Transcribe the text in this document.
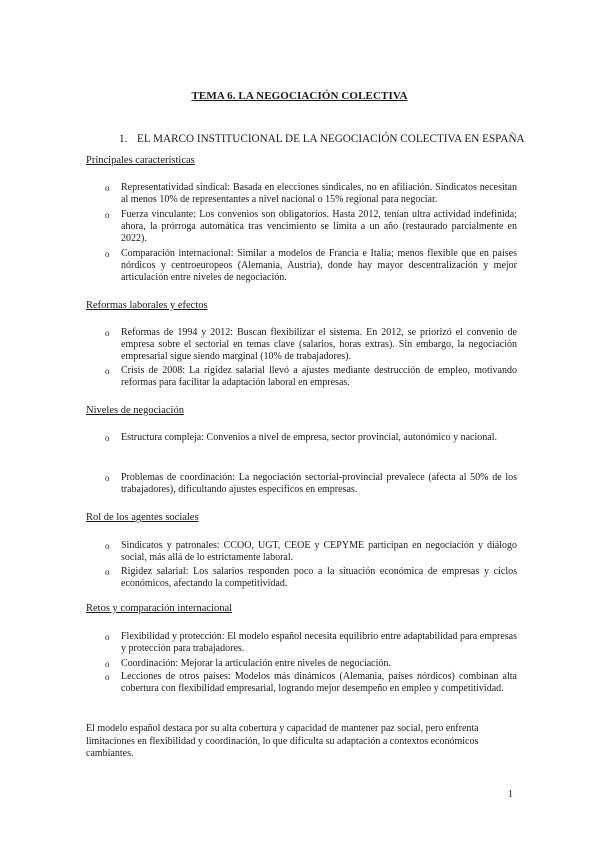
TEMA 6. LA NEGOCIACIÓN COLECTIVA
1. EL MARCO INSTITUCIONAL DE LA NEGOCIACIÓN COLECTIVA EN ESPAÑA
Principales características
o Representatividad sindical: Basada en elecciones sindicales, no en afiliación. Sindicatos necesitan al menos 10% de representantes a nivel nacional o 15% regional para negociar.
o Fuerza vinculante: Los convenios son obligatorios. Hasta 2012, tenían ultra actividad indefinida; ahora, la prórroga automática tras vencimiento se limita a un año (restaurado parcialmente en 2022).
o Comparación internacional: Similar a modelos de Francia e Italia; menos flexible que en países nórdicos y centroeuropeos (Alemania, Austria), donde hay mayor descentralización y mejor articulación entre niveles de negociación.
Reformas laborales y efectos
o Reformas de 1994 y 2012: Buscan flexibilizar el sistema. En 2012, se priorizó el convenio de empresa sobre el sectorial en temas clave (salarios, horas extras). Sin embargo, la negociación empresarial sigue siendo marginal (10% de trabajadores).
o Crisis de 2008: La rigidez salarial llevó a ajustes mediante destrucción de empleo, motivando reformas para facilitar la adaptación laboral en empresas.
Niveles de negociación
o Estructura compleja: Convenios a nivel de empresa, sector provincial, autonómico y nacional.
o Problemas de coordinación: La negociación sectorial-provincial prevalece (afecta al 50% de los trabajadores), dificultando ajustes específicos en empresas.
Rol de los agentes sociales
o Sindicatos y patronales: CCOO, UGT, CEOE y CEPYME participan en negociación y diálogo social, más allá de lo estrictamente laboral.
o Rigidez salarial: Los salarios responden poco a la situación económica de empresas y ciclos económicos, afectando la competitividad.
Retos y comparación internacional
o Flexibilidad y protección: El modelo español necesita equilibrio entre adaptabilidad para empresas y protección para trabajadores.
o Coordinación: Mejorar la articulación entre niveles de negociación.
o Lecciones de otros países: Modelos más dinámicos (Alemania, países nórdicos) combinan alta cobertura con flexibilidad empresarial, logrando mejor desempeño en empleo y competitividad.
El modelo español destaca por su alta cobertura y capacidad de mantener paz social, pero enfrenta limitaciones en flexibilidad y coordinación, lo que dificulta su adaptación a contextos económicos cambiantes.
1
